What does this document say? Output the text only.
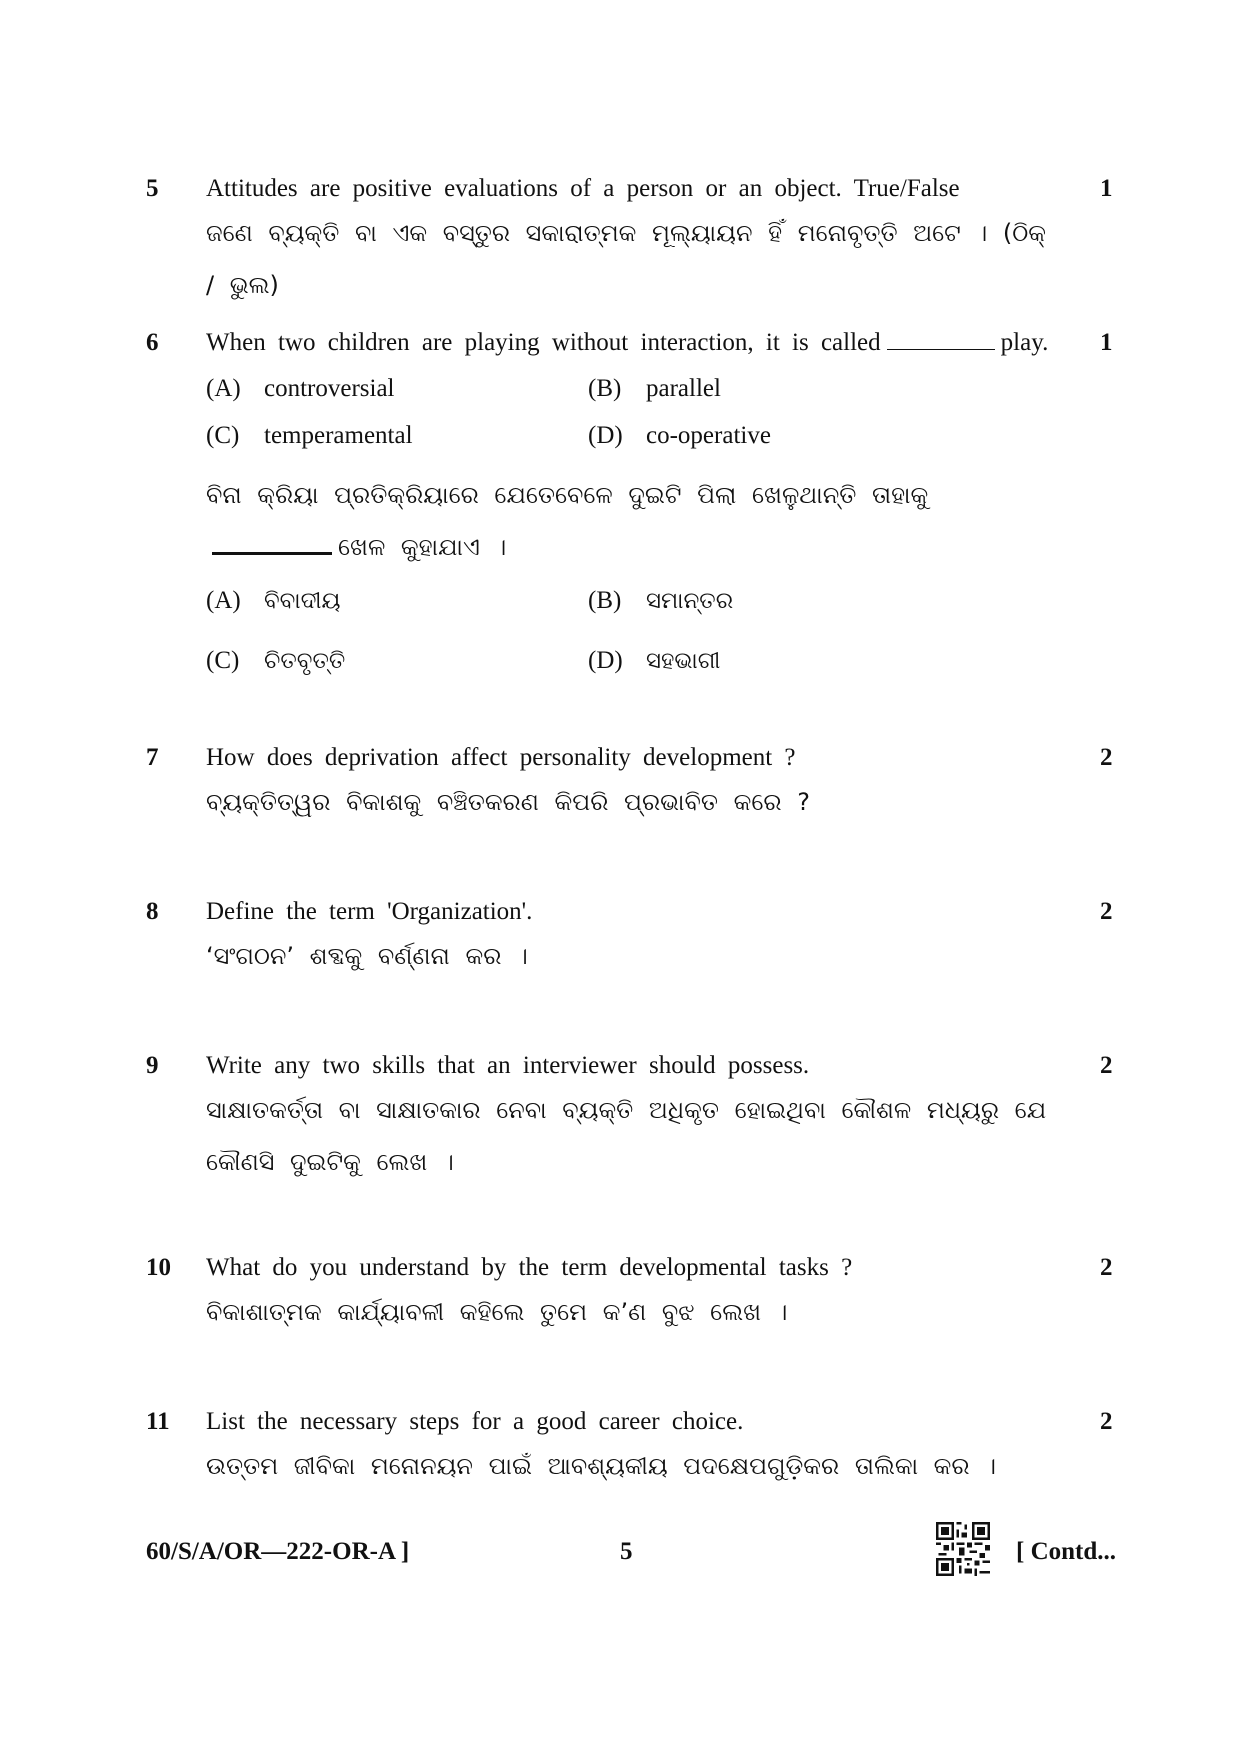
5 Attitudes are positive evaluations of a person or an object. True/False	1
ଜଣେ ବ୍ୟକ୍ତି ବା ଏକ ବସ୍ତୁର ସକାରାତ୍ମକ ମୂଲ୍ୟାୟନ ହିଁ ମନୋବୃତ୍ତି ଅଟେ । (ଠିକ୍ / ଭୁଲ)
6 When two children are playing without interaction, it is called	play.	1
(A) controversial	(B) parallel
(C) temperamental	(D) co-operative
ବିନା କ୍ରିୟା ପ୍ରତିକ୍ରିୟାରେ ଯେତେବେଳେ ଦୁଇଟି ପିଲା ଖେଳୁଥାନ୍ତି ତାହାକୁଖେଳ କୁହାଯାଏ ।
(A) ବିବାଦୀୟ	(B) ସମାନ୍ତର
(C) ଚିତବୃତ୍ତି	(D) ସହଭାଗୀ
7 How does deprivation affect personality development ?	2
ବ୍ୟକ୍ତିତ୍ୱର ବିକାଶକୁ ବଞ୍ଚିତକରଣ କିପରି ପ୍ରଭାବିତ କରେ ?
8 Define the term 'Organization'.	2
‘ସଂଗଠନ’ ଶବ୍ଦକୁ ବର୍ଣ୍ଣନା କର ।
9 Write any two skills that an interviewer should possess.	2
ସାକ୍ଷାତକର୍ତ୍ତା ବା ସାକ୍ଷାତକାର ନେବା ବ୍ୟକ୍ତି ଅଧିକୃତ ହୋଇଥିବା କୌଶଳ ମଧ୍ୟରୁ ଯେ କୌଣସି ଦୁଇଟିକୁ ଲେଖ ।
10 What do you understand by the term developmental tasks ?	2
ବିକାଶାତ୍ମକ କାର୍ଯ୍ୟାବଳୀ କହିଲେ ତୁମେ କ’ଣ ବୁଝ ଲେଖ ।
11 List the necessary steps for a good career choice.	2
ଉତ୍ତମ ଜୀବିକା ମନୋନୟନ ପାଇଁ ଆବଶ୍ୟକୀୟ ପଦକ୍ଷେପଗୁଡ଼ିକର ତାଲିକା କର ।
60/S/A/OR—222-OR-A ]	5	[ Contd...
